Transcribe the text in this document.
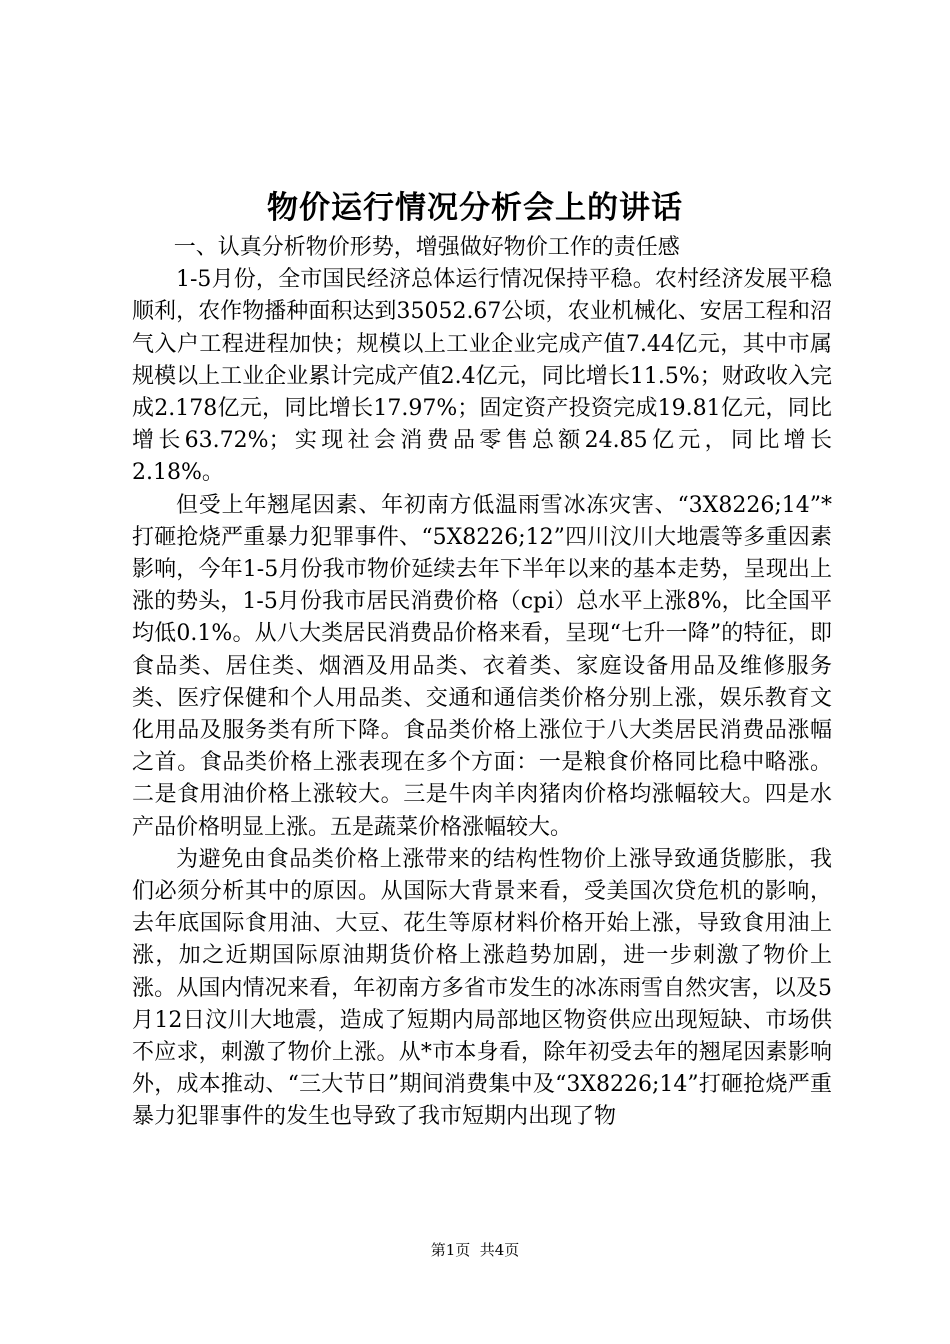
物价运行情况分析会上的讲话

一、认真分析物价形势，增强做好物价工作的责任感

1-5月份，全市国民经济总体运行情况保持平稳。农村经济发展平稳顺利，农作物播种面积达到35052.67公顷，农业机械化、安居工程和沼气入户工程进程加快；规模以上工业企业完成产值7.44亿元，其中市属规模以上工业企业累计完成产值2.4亿元，同比增长11.5%；财政收入完成2.178亿元，同比增长17.97%；固定资产投资完成19.81亿元，同比增长63.72%；实现社会消费品零售总额24.85亿元，同比增长2.18%。

但受上年翘尾因素、年初南方低温雨雪冰冻灾害、“3X8226;14”*打砸抢烧严重暴力犯罪事件、“5X8226;12”四川汶川大地震等多重因素影响，今年1-5月份我市物价延续去年下半年以来的基本走势，呈现出上涨的势头，1-5月份我市居民消费价格（cpi）总水平上涨8%，比全国平均低0.1%。从八大类居民消费品价格来看，呈现“七升一降”的特征，即食品类、居住类、烟酒及用品类、衣着类、家庭设备用品及维修服务类、医疗保健和个人用品类、交通和通信类价格分别上涨，娱乐教育文化用品及服务类有所下降。食品类价格上涨位于八大类居民消费品涨幅之首。食品类价格上涨表现在多个方面：一是粮食价格同比稳中略涨。二是食用油价格上涨较大。三是牛肉羊肉猪肉价格均涨幅较大。四是水产品价格明显上涨。五是蔬菜价格涨幅较大。

为避免由食品类价格上涨带来的结构性物价上涨导致通货膨胀，我们必须分析其中的原因。从国际大背景来看，受美国次贷危机的影响，去年底国际食用油、大豆、花生等原材料价格开始上涨，导致食用油上涨，加之近期国际原油期货价格上涨趋势加剧，进一步刺激了物价上涨。从国内情况来看，年初南方多省市发生的冰冻雨雪自然灾害，以及5月12日汶川大地震，造成了短期内局部地区物资供应出现短缺、市场供不应求，刺激了物价上涨。从*市本身看，除年初受去年的翘尾因素影响外，成本推动、“三大节日”期间消费集中及“3X8226;14”打砸抢烧严重暴力犯罪事件的发生也导致了我市短期内出现了物

第1页  共4页
